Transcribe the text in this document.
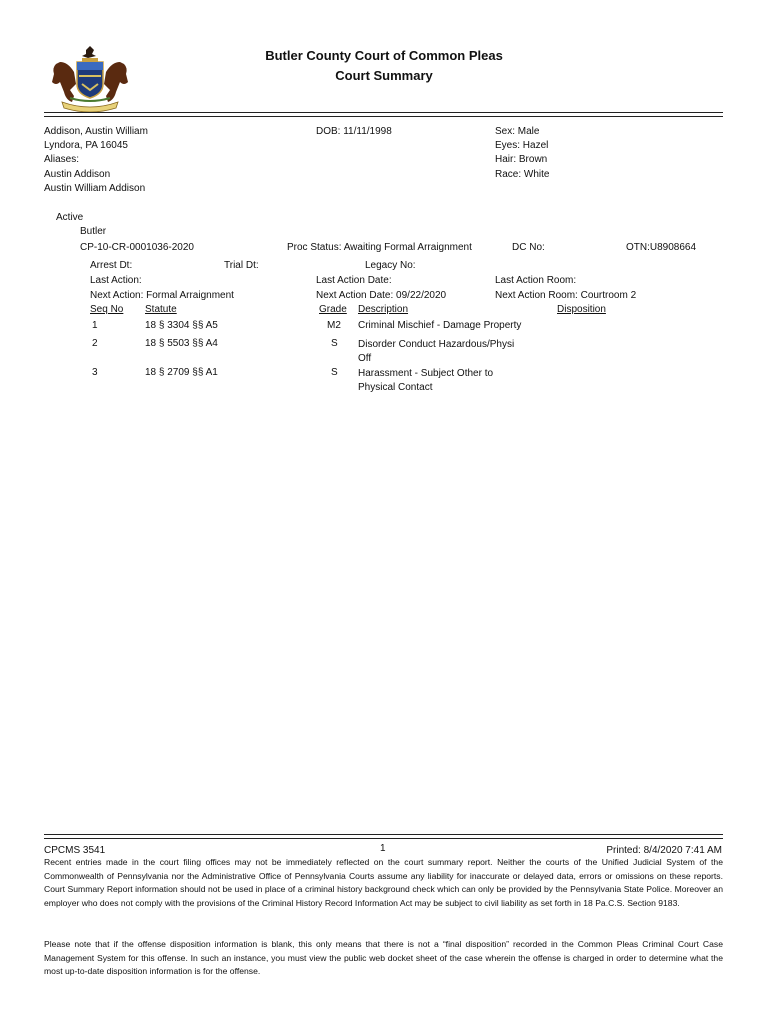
Butler County Court of Common Pleas
Court Summary
Addison, Austin William
Lyndora, PA 16045
Aliases:
Austin Addison
Austin William Addison
DOB: 11/11/1998	Sex: Male
Eyes: Hazel
Hair: Brown
Race: White
Active
Butler
CP-10-CR-0001036-2020	Proc Status: Awaiting Formal Arraignment	DC No:	OTN:U8908664
Arrest Dt:	Trial Dt:	Legacy No:
Last Action:	Last Action Date:	Last Action Room:
Next Action: Formal Arraignment	Next Action Date: 09/22/2020	Next Action Room: Courtroom 2
Seq No Statute	Grade Description	Disposition
1	18 § 3304 §§ A5	M2 Criminal Mischief - Damage Property
2	18 § 5503 §§ A4	S Disorder Conduct Hazardous/Physi
Off
3	18 § 2709 §§ A1	S Harassment - Subject Other to
Physical Contact
CPCMS 3541	1	Printed: 8/4/2020 7:41 AM
Recent entries made in the court filing offices may not be immediately reflected on the court summary report. Neither the courts of the Unified Judicial System of the Commonwealth of Pennsylvania nor the Administrative Office of Pennsylvania Courts assume any liability for inaccurate or delayed data, errors or omissions on these reports. Court Summary Report information should not be used in place of a criminal history background check which can only be provided by the Pennsylvania State Police. Moreover an employer who does not comply with the provisions of the Criminal History Record Information Act may be subject to civil liability as set forth in 18 Pa.C.S. Section 9183.
Please note that if the offense disposition information is blank, this only means that there is not a “final disposition” recorded in the Common Pleas Criminal Court Case Management System for this offense. In such an instance, you must view the public web docket sheet of the case wherein the offense is charged in order to determine what the most up-to-date disposition information is for the offense.
